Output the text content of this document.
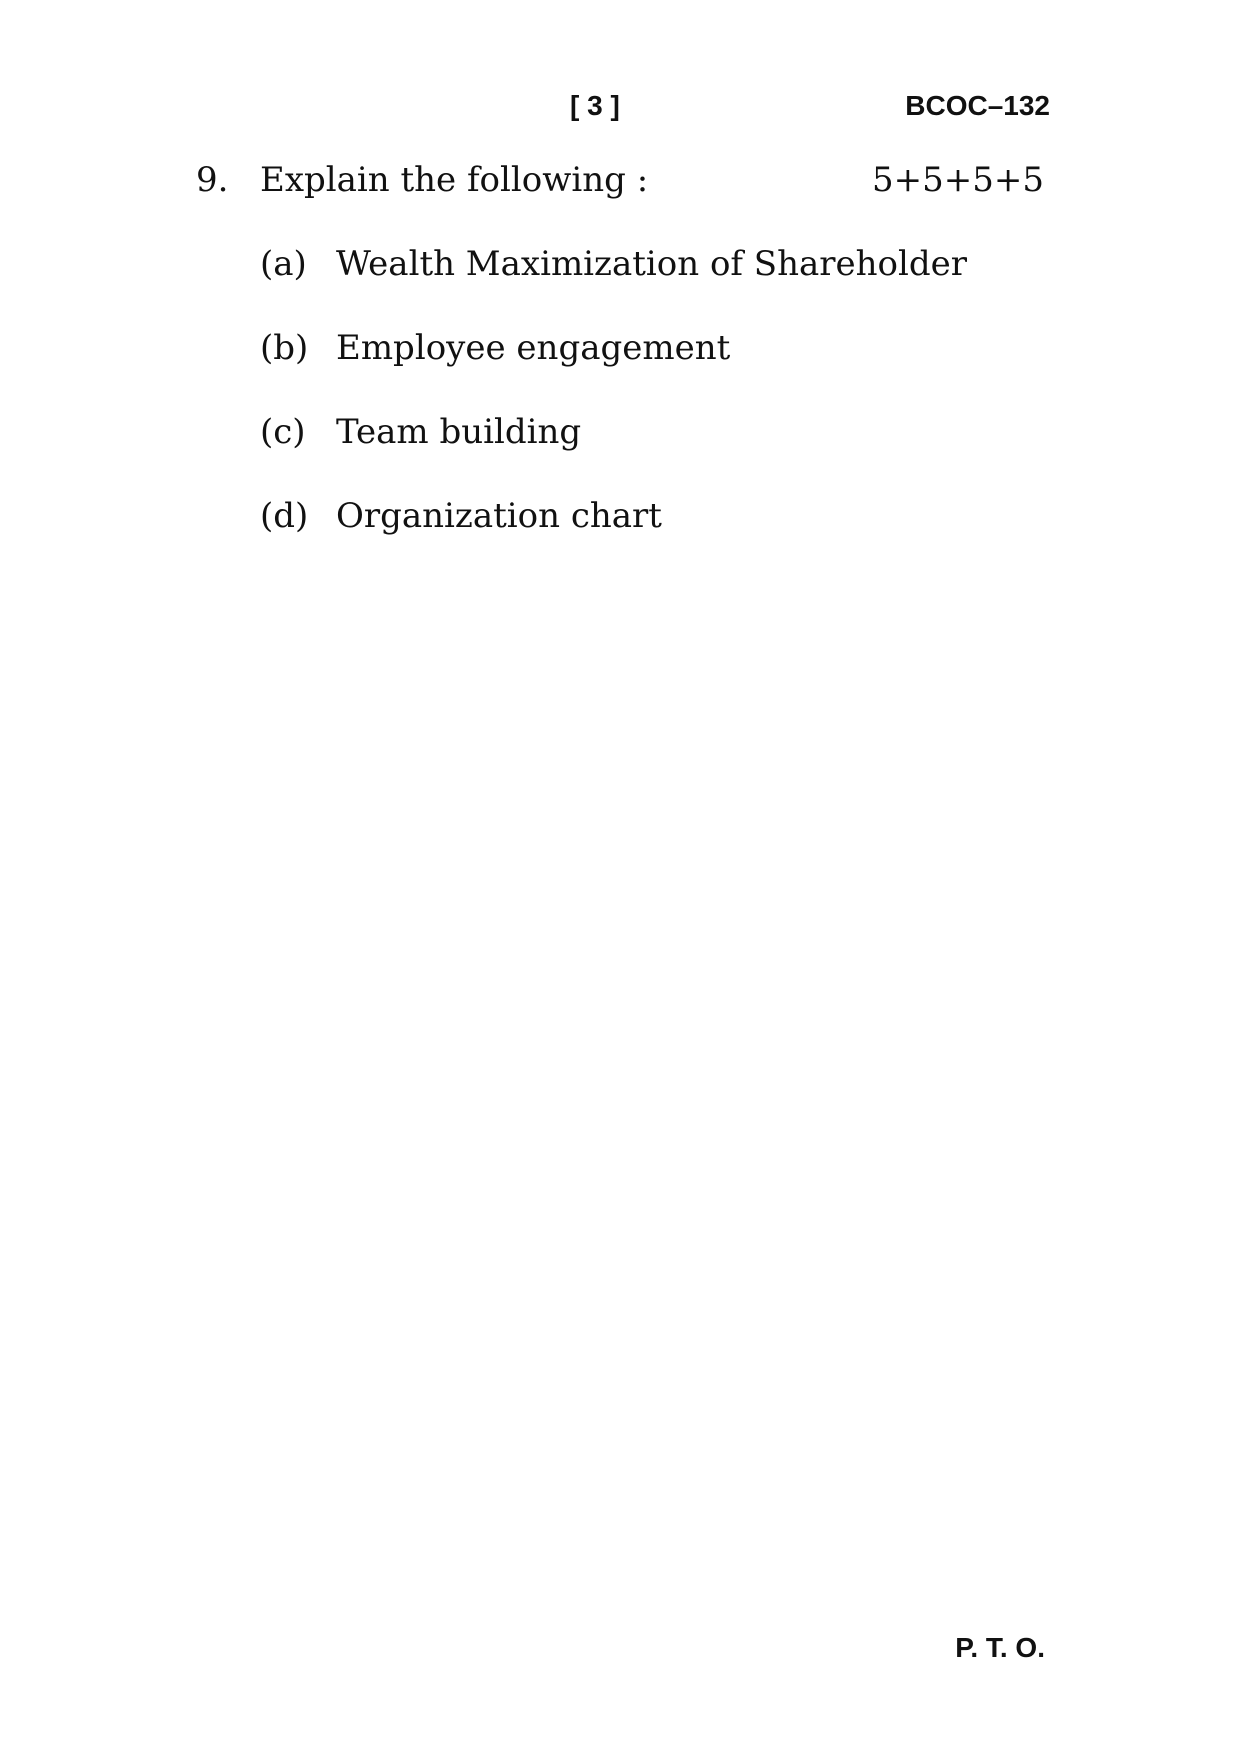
[ 3 ]	BCOC–132
9. Explain the following :	5+5+5+5
(a) Wealth Maximization of Shareholder
(b) Employee engagement
(c) Team building
(d) Organization chart
P. T. O.
